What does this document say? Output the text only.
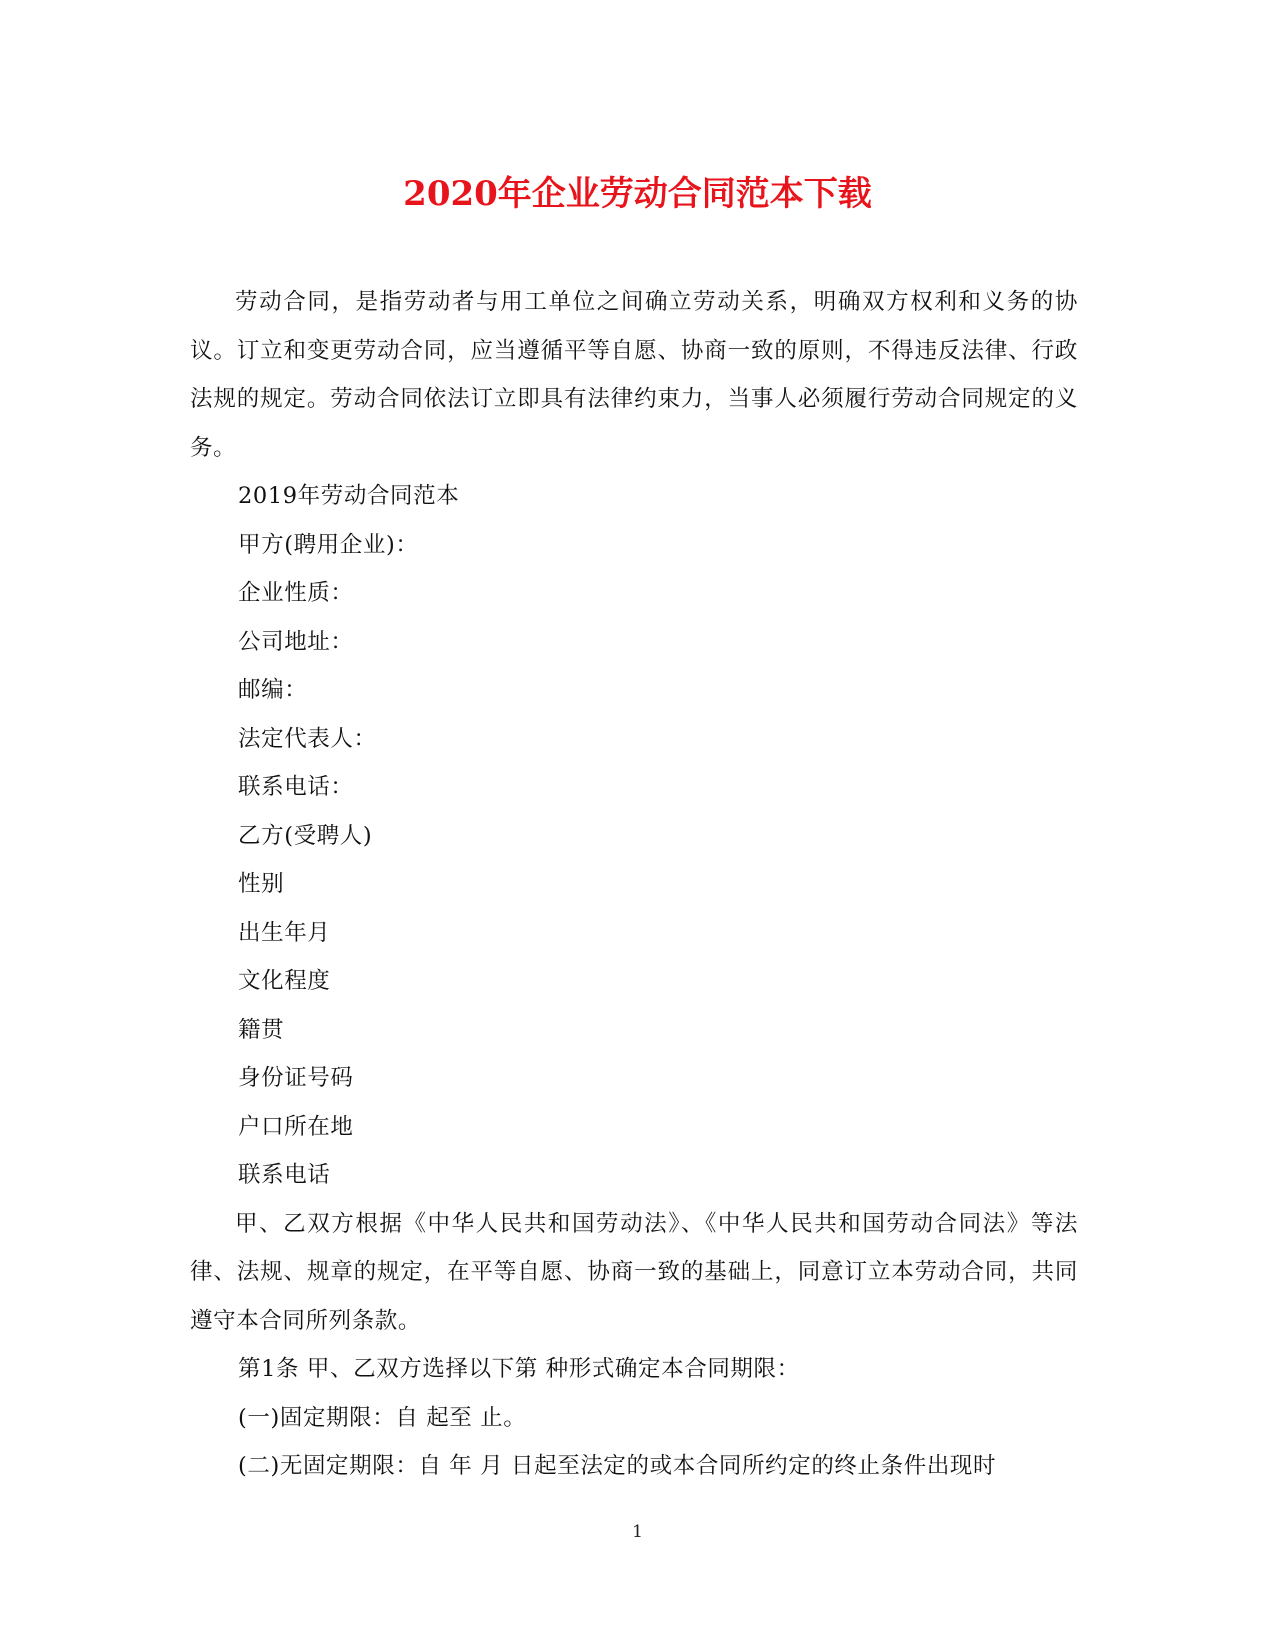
2020年企业劳动合同范本下载

劳动合同，是指劳动者与用工单位之间确立劳动关系，明确双方权利和义务的协议。订立和变更劳动合同，应当遵循平等自愿、协商一致的原则，不得违反法律、行政法规的规定。劳动合同依法订立即具有法律约束力，当事人必须履行劳动合同规定的义务。

2019年劳动合同范本

甲方(聘用企业)：

企业性质：

公司地址：

邮编：

法定代表人：

联系电话：

乙方(受聘人)

性别

出生年月

文化程度

籍贯

身份证号码

户口所在地

联系电话

甲、乙双方根据《中华人民共和国劳动法》、《中华人民共和国劳动合同法》等法律、法规、规章的规定，在平等自愿、协商一致的基础上，同意订立本劳动合同，共同遵守本合同所列条款。

第1条 甲、乙双方选择以下第 种形式确定本合同期限：

(一)固定期限：自 起至 止。

(二)无固定期限：自 年 月 日起至法定的或本合同所约定的终止条件出现时

1
